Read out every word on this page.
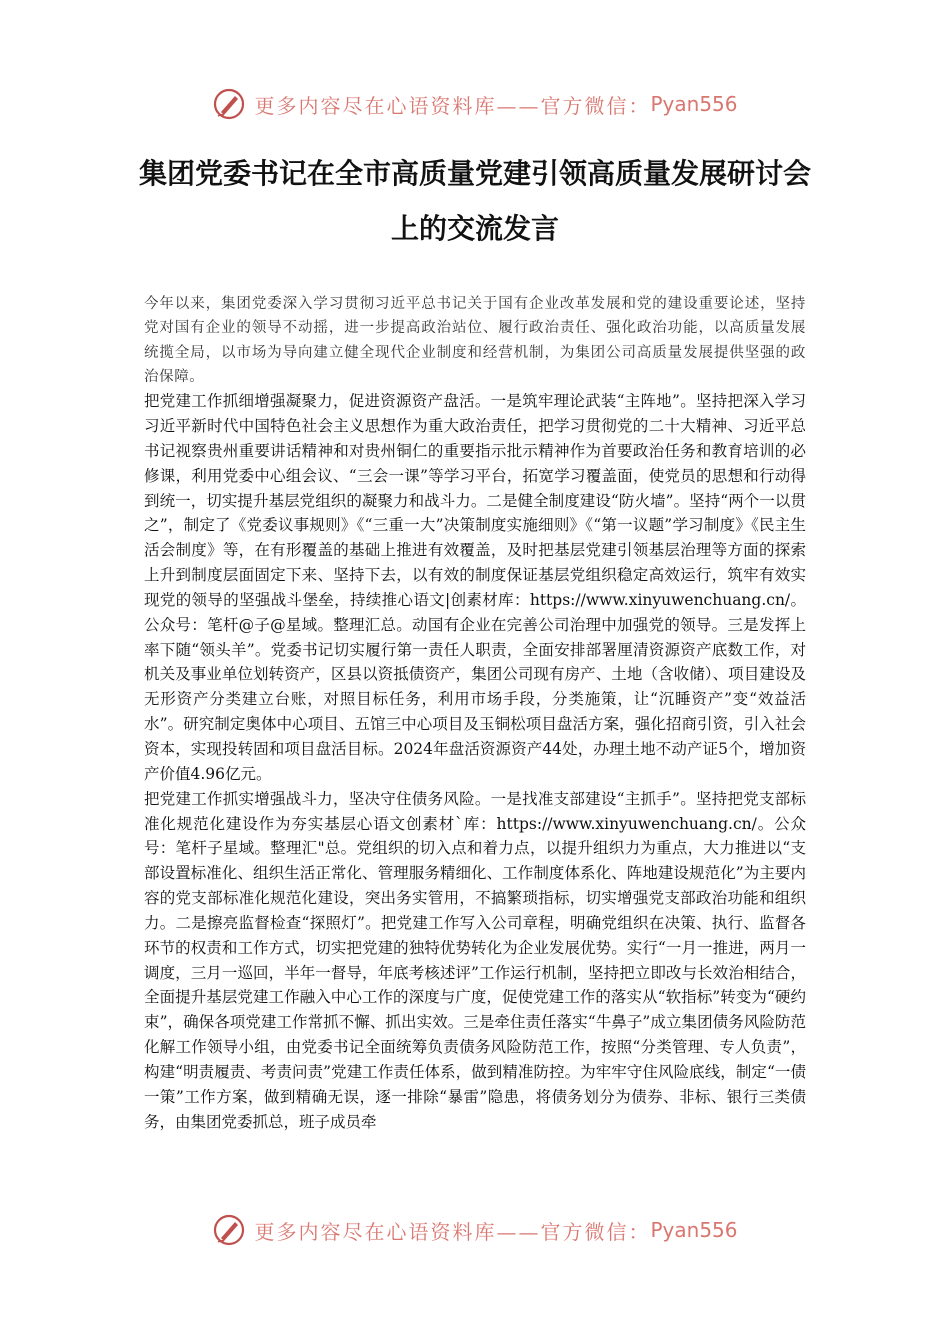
更多内容尽在心语资料库——官方微信： Pyan556
集团党委书记在全市高质量党建引领高质量发展研讨会上的交流发言

今年以来，集团党委深入学习贯彻习近平总书记关于国有企业改革发展和党的建设重要论述，坚持党对国有企业的领导不动摇，进一步提高政治站位、履行政治责任、强化政治功能，以高质量发展统揽全局，以市场为导向建立健全现代企业制度和经营机制，为集团公司高质量发展提供坚强的政治保障。

把党建工作抓细增强凝聚力，促进资源资产盘活。一是筑牢理论武装“主阵地”。坚持把深入学习习近平新时代中国特色社会主义思想作为重大政治责任，把学习贯彻党的二十大精神、习近平总书记视察贵州重要讲话精神和对贵州铜仁的重要指示批示精神作为首要政治任务和教育培训的必修课，利用党委中心组会议、“三会一课”等学习平台，拓宽学习覆盖面，使党员的思想和行动得到统一，切实提升基层党组织的凝聚力和战斗力。二是健全制度建设“防火墙”。坚持“两个一以贯之”，制定了《党委议事规则》《“三重一大”决策制度实施细则》《“第一议题”学习制度》《民主生活会制度》等，在有形覆盖的基础上推进有效覆盖，及时把基层党建引领基层治理等方面的探索上升到制度层面固定下来、坚持下去，以有效的制度保证基层党组织稳定高效运行，筑牢有效实现党的领导的坚强战斗堡垒，持续推心语文|创素材库：https://www.xinyuwenchuang.cn/。公众号：笔杆@子@星域。整理汇总。动国有企业在完善公司治理中加强党的领导。三是发挥上率下随“领头羊”。党委书记切实履行第一责任人职责，全面安排部署厘清资源资产底数工作，对机关及事业单位划转资产，区县以资抵债资产，集团公司现有房产、土地（含收储）、项目建设及无形资产分类建立台账，对照目标任务，利用市场手段，分类施策，让“沉睡资产”变“效益活水”。研究制定奥体中心项目、五馆三中心项目及玉铜松项目盘活方案，强化招商引资，引入社会资本，实现投转固和项目盘活目标。2024年盘活资源资产44处，办理土地不动产证5个，增加资产价值4.96亿元。

把党建工作抓实增强战斗力，坚决守住债务风险。一是找准支部建设“主抓手”。坚持把党支部标准化规范化建设作为夯实基层心语文创素材`库：https://www.xinyuwenchuang.cn/。公众号：笔杆子星域。整理汇"总。党组织的切入点和着力点，以提升组织力为重点，大力推进以“支部设置标准化、组织生活正常化、管理服务精细化、工作制度体系化、阵地建设规范化”为主要内容的党支部标准化规范化建设，突出务实管用，不搞繁琐指标，切实增强党支部政治功能和组织力。二是擦亮监督检查“探照灯”。把党建工作写入公司章程，明确党组织在决策、执行、监督各环节的权责和工作方式，切实把党建的独特优势转化为企业发展优势。实行“一月一推进，两月一调度，三月一巡回，半年一督导，年底考核述评”工作运行机制，坚持把立即改与长效治相结合，全面提升基层党建工作融入中心工作的深度与广度，促使党建工作的落实从“软指标”转变为“硬约束”，确保各项党建工作常抓不懈、抓出实效。三是牵住责任落实“牛鼻子”成立集团债务风险防范化解工作领导小组，由党委书记全面统筹负责债务风险防范工作，按照“分类管理、专人负责”，构建“明责履责、考责问责”党建工作责任体系，做到精准防控。为牢牢守住风险底线，制定“一债一策”工作方案，做到精确无误，逐一排除“暴雷”隐患，将债务划分为债券、非标、银行三类债务，由集团党委抓总，班子成员牵

更多内容尽在心语资料库——官方微信： Pyan556
